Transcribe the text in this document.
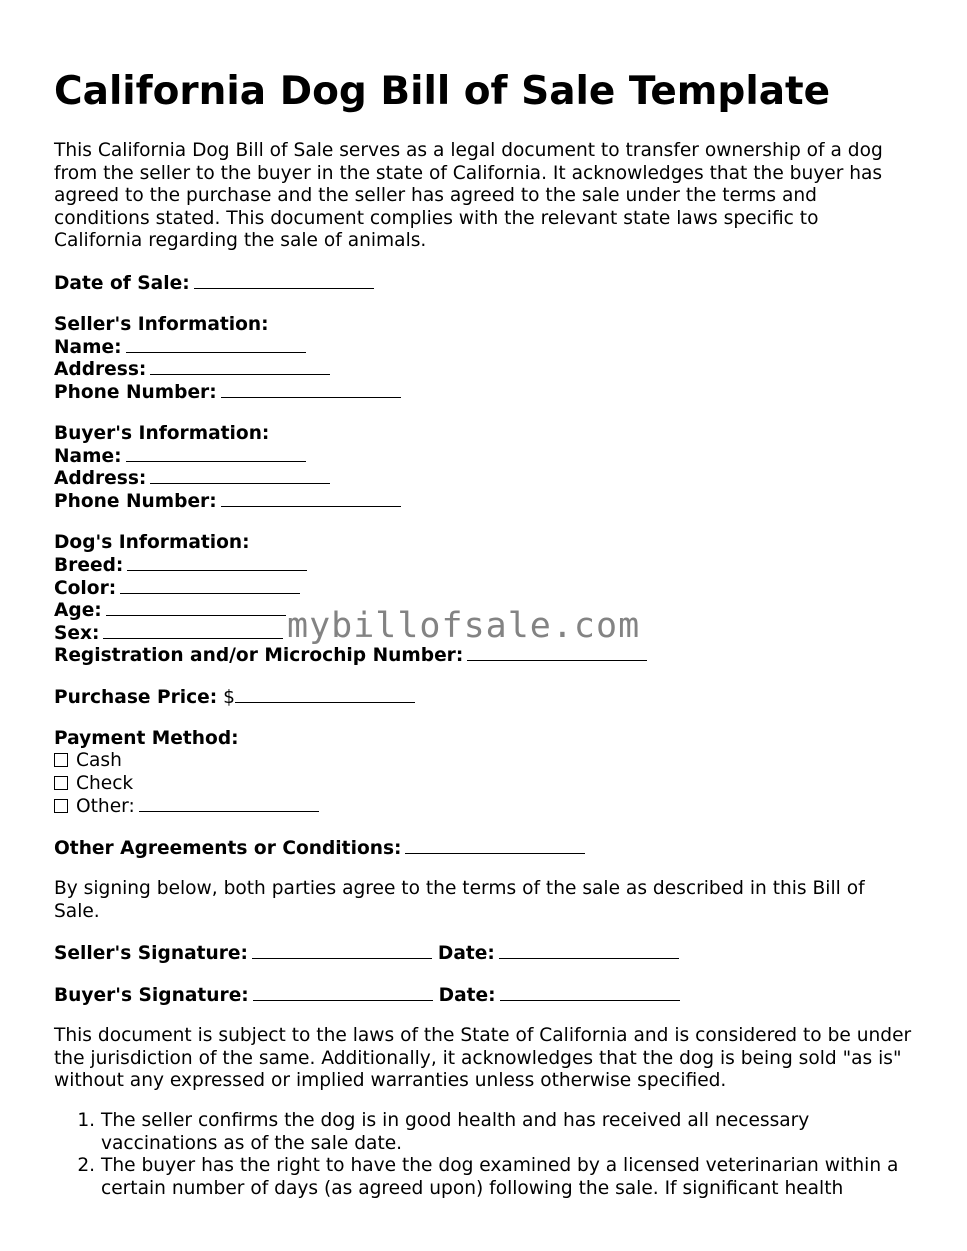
California Dog Bill of Sale Template

This California Dog Bill of Sale serves as a legal document to transfer ownership of a dog from the seller to the buyer in the state of California. It acknowledges that the buyer has agreed to the purchase and the seller has agreed to the sale under the terms and conditions stated. This document complies with the relevant state laws specific to California regarding the sale of animals.

Date of Sale:
Seller's Information:
Name:
Address:
Phone Number:
Buyer's Information:
Name:
Address:
Phone Number:
Dog's Information:
Breed:
Color:
Age:
Sex:
Registration and/or Microchip Number:
Purchase Price: $
Payment Method:
Cash
Check
Other:
Other Agreements or Conditions:

By signing below, both parties agree to the terms of the sale as described in this Bill of Sale.

Seller's Signature:	Date:
Buyer's Signature:	Date:

This document is subject to the laws of the State of California and is considered to be under the jurisdiction of the same. Additionally, it acknowledges that the dog is being sold "as is" without any expressed or implied warranties unless otherwise specified.

1. The seller confirms the dog is in good health and has received all necessary vaccinations as of the sale date.
2. The buyer has the right to have the dog examined by a licensed veterinarian within a certain number of days (as agreed upon) following the sale. If significant health
mybillofsale.com
